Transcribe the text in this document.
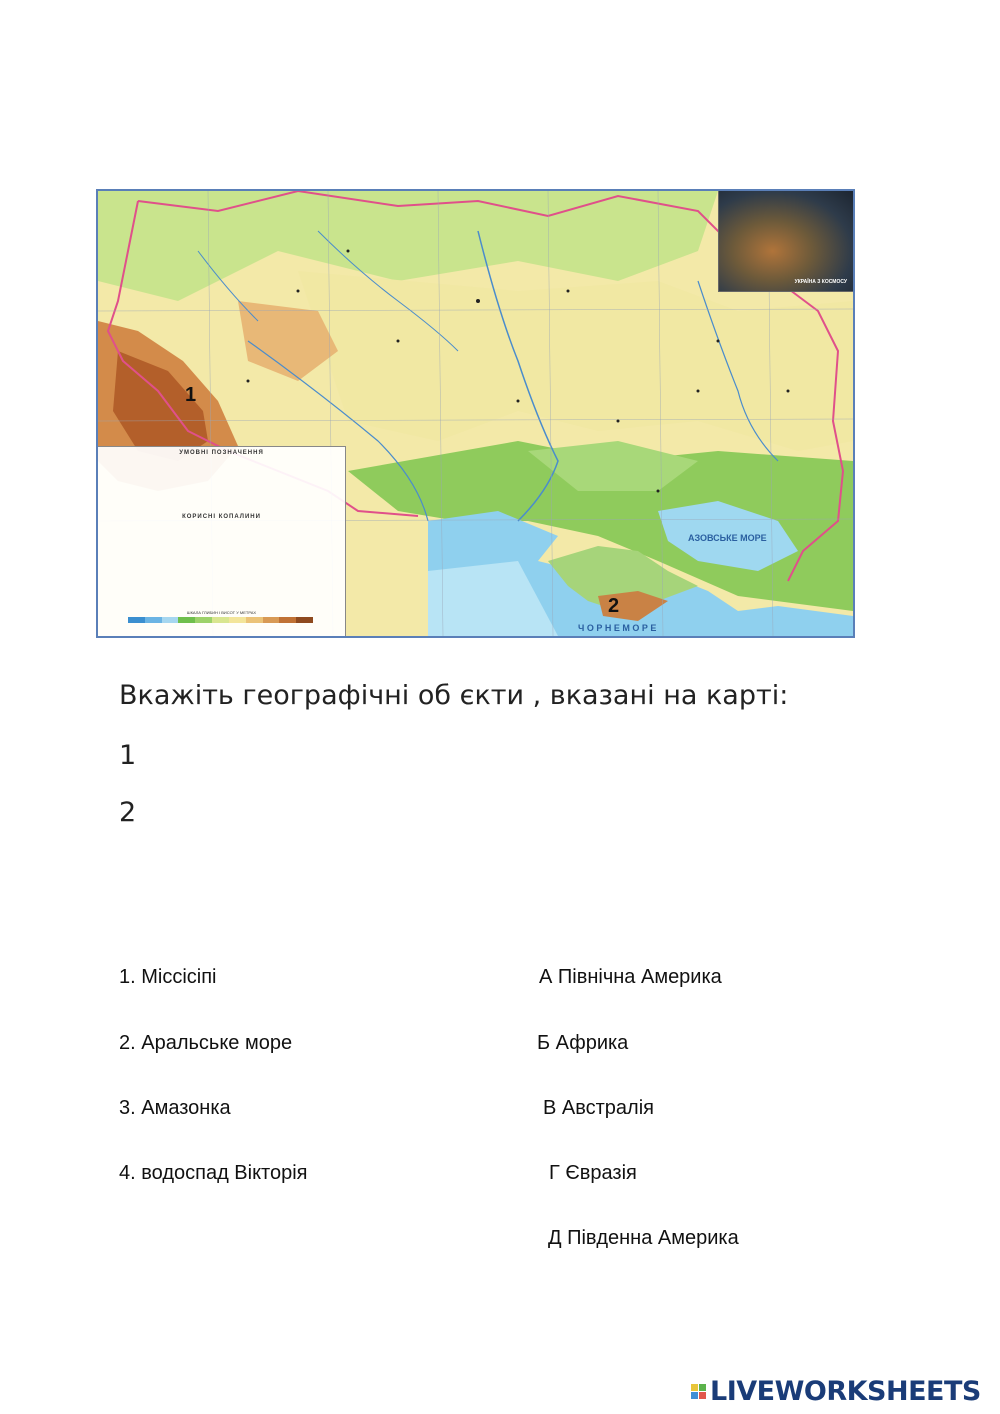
АЗОВСЬКЕ МОРЕ
Ч О Р Н Е М О Р Е
УКРАЇНА З КОСМОСУ
УМОВНІ ПОЗНАЧЕННЯ
КОРИСНІ КОПАЛИНИ
ШКАЛА ГЛИБИН І ВИСОТ У МЕТРАХ
1
2
Вкажіть географічні об єкти , вказані на карті:
1
2
1. Міссісіпі
2. Аральське море
3. Амазонка
4. водоспад Вікторія
А Північна Америка
Б Африка
В Австралія
Г Євразія
Д Південна Америка
LIVEWORKSHEETS
